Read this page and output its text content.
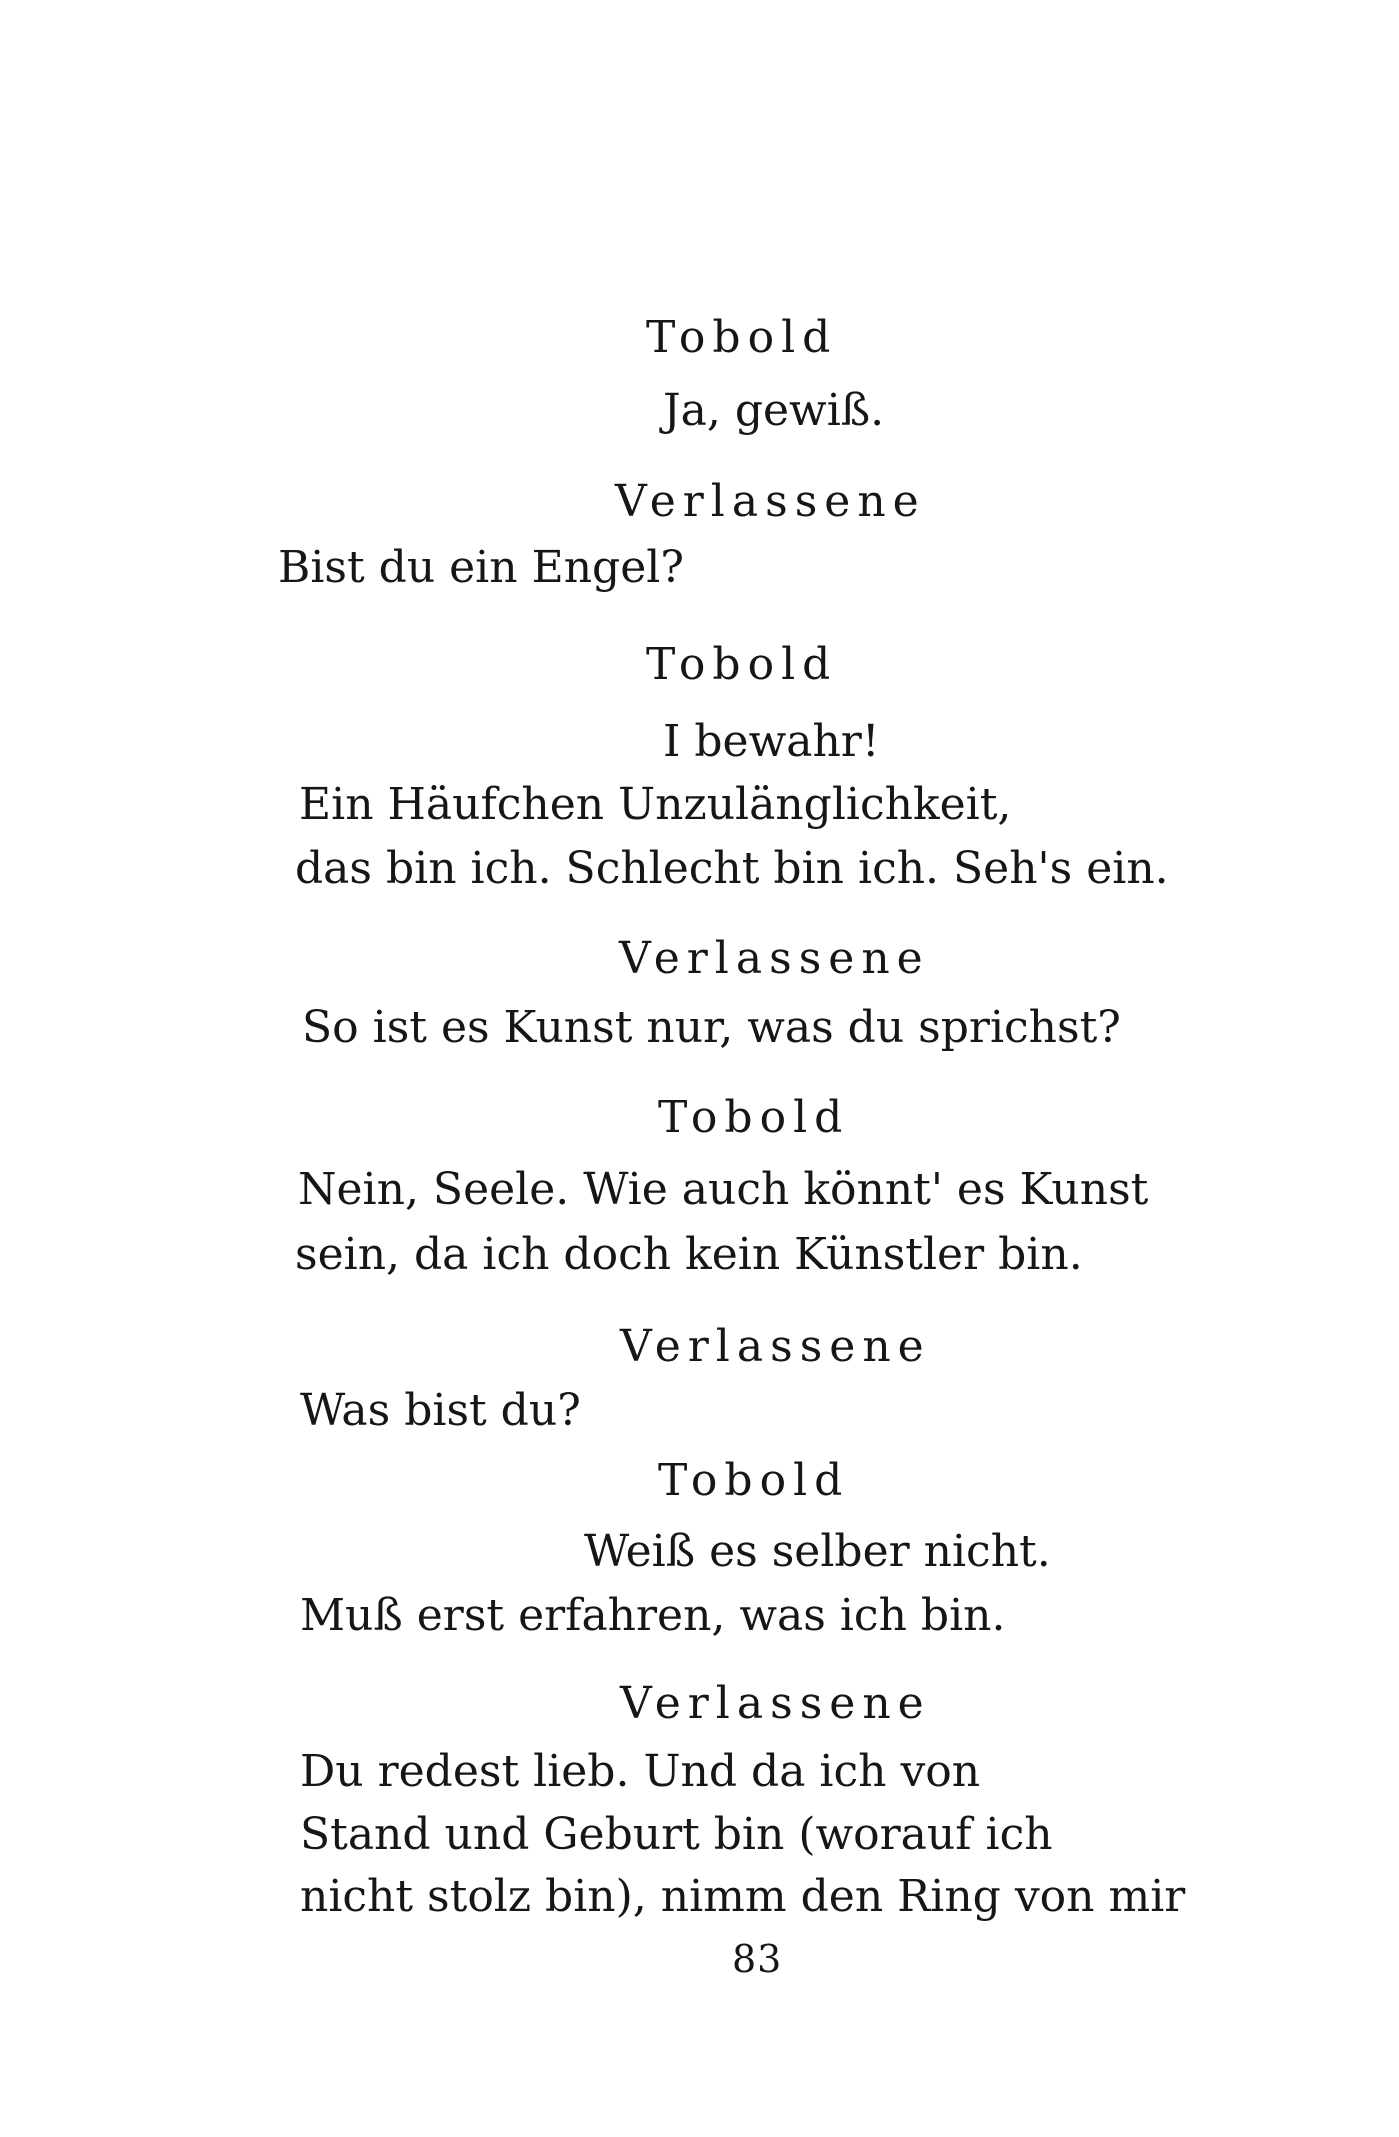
Tobold
Ja, gewiß.
Verlassene
Bist du ein Engel?
Tobold
I bewahr!
Ein Häufchen Unzulänglichkeit,
das bin ich. Schlecht bin ich. Seh's ein.
Verlassene
So ist es Kunst nur, was du sprichst?
Tobold
Nein, Seele. Wie auch könnt' es Kunst
sein, da ich doch kein Künstler bin.
Verlassene
Was bist du?
Tobold
Weiß es selber nicht.
Muß erst erfahren, was ich bin.
Verlassene
Du redest lieb. Und da ich von
Stand und Geburt bin (worauf ich
nicht stolz bin), nimm den Ring von mir
83
